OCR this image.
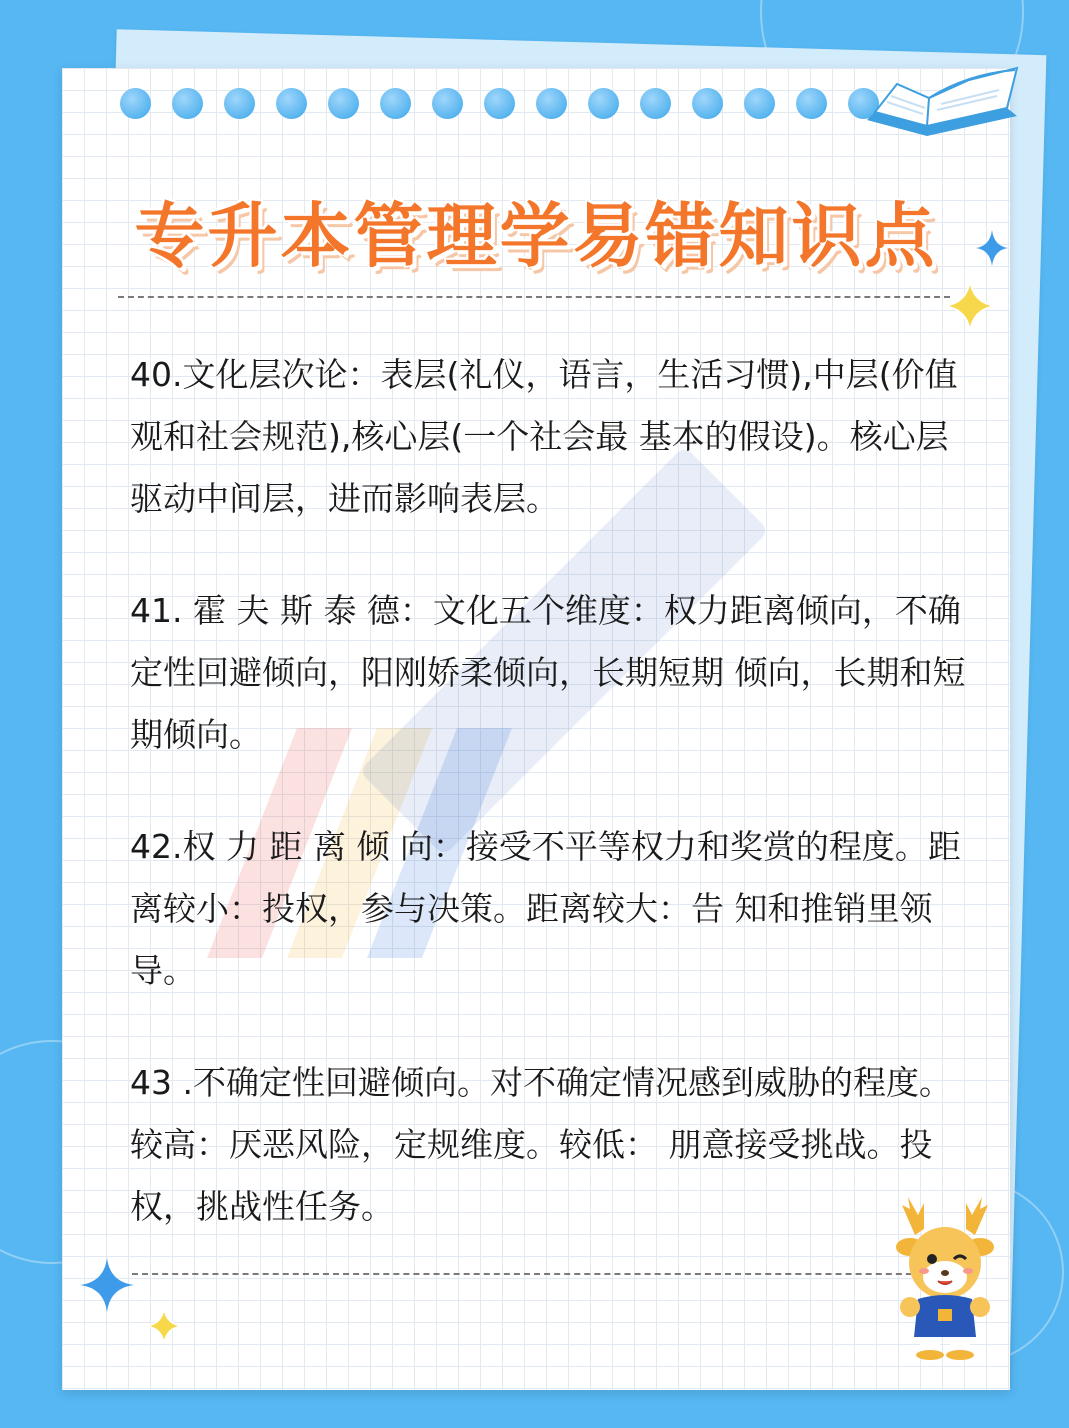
专升本管理学易错知识点

40.文化层次论：表层(礼仪，语言，生活习惯),中层(价值观和社会规范),核心层(一个社会最 基本的假设)。核心层驱动中间层，进而影响表层。

41. 霍 夫 斯 泰 德：文化五个维度：权力距离倾向，不确定性回避倾向，阳刚娇柔倾向，长期短期 倾向，长期和短期倾向。

42.权 力 距 离 倾 向：接受不平等权力和奖赏的程度。距离较小：投权，参与决策。距离较大：告 知和推销里领导。

43 .不确定性回避倾向。对不确定情况感到威胁的程度。较高：厌恶风险，定规维度。较低： 朋意接受挑战。投权，挑战性任务。
